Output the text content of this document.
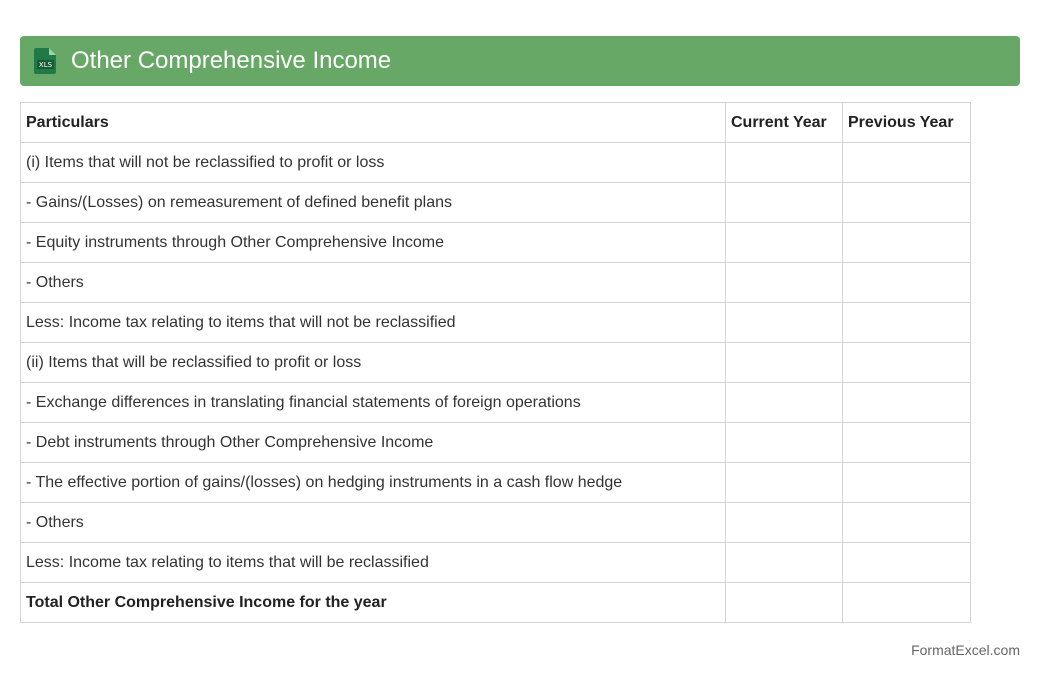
XLS Other Comprehensive Income
Particulars	Current Year	Previous Year
(i) Items that will not be reclassified to profit or loss		
- Gains/(Losses) on remeasurement of defined benefit plans		
- Equity instruments through Other Comprehensive Income		
- Others		
Less: Income tax relating to items that will not be reclassified		
(ii) Items that will be reclassified to profit or loss		
- Exchange differences in translating financial statements of foreign operations		
- Debt instruments through Other Comprehensive Income		
- The effective portion of gains/(losses) on hedging instruments in a cash flow hedge		
- Others		
Less: Income tax relating to items that will be reclassified		
Total Other Comprehensive Income for the year		
FormatExcel.com
